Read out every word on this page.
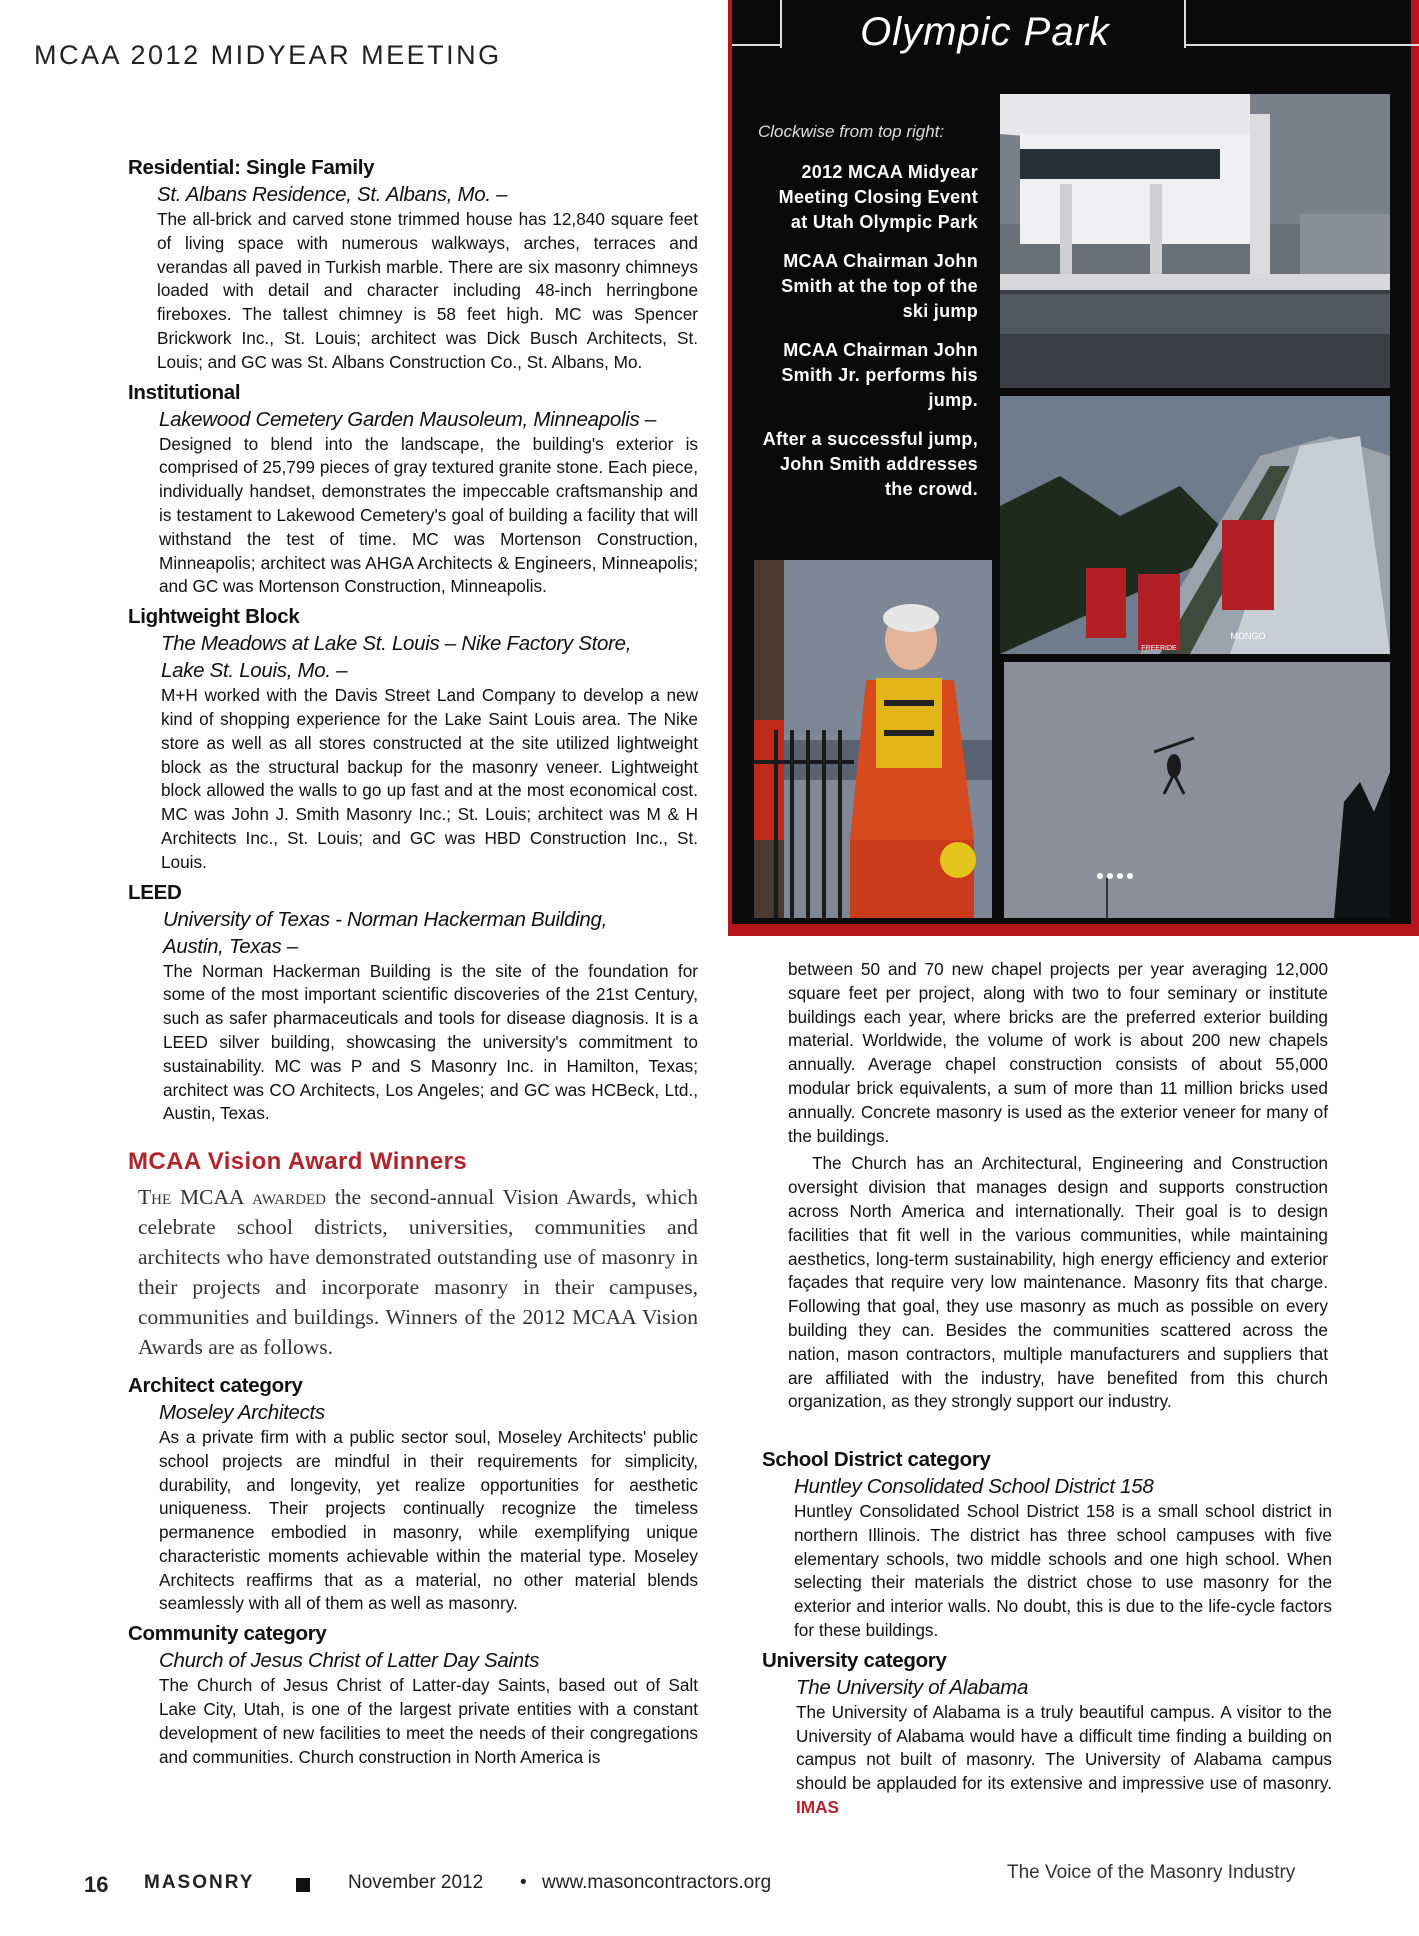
MCAA 2012 MIDYEAR MEETING
Residential: Single Family
St. Albans Residence, St. Albans, Mo. –

The all-brick and carved stone trimmed house has 12,840 square feet of living space with numerous walkways, arches, terraces and verandas all paved in Turkish marble. There are six masonry chimneys loaded with detail and character including 48-inch herringbone fireboxes. The tallest chimney is 58 feet high. MC was Spencer Brickwork Inc., St. Louis; architect was Dick Busch Architects, St. Louis; and GC was St. Albans Construction Co., St. Albans, Mo.

Institutional
Lakewood Cemetery Garden Mausoleum, Minneapolis –

Designed to blend into the landscape, the building's exterior is comprised of 25,799 pieces of gray textured granite stone. Each piece, individually handset, demonstrates the impeccable craftsmanship and is testament to Lakewood Cemetery's goal of building a facility that will withstand the test of time. MC was Mortenson Construction, Minneapolis; architect was AHGA Architects & Engineers, Minneapolis; and GC was Mortenson Construction, Minneapolis.

Lightweight Block
The Meadows at Lake St. Louis – Nike Factory Store,
Lake St. Louis, Mo. –

M+H worked with the Davis Street Land Company to develop a new kind of shopping experience for the Lake Saint Louis area. The Nike store as well as all stores constructed at the site utilized lightweight block as the structural backup for the masonry veneer. Lightweight block allowed the walls to go up fast and at the most economical cost. MC was John J. Smith Masonry Inc.; St. Louis; architect was M & H Architects Inc., St. Louis; and GC was HBD Construction Inc., St. Louis.

LEED
University of Texas - Norman Hackerman Building,
Austin, Texas –

The Norman Hackerman Building is the site of the foundation for some of the most important scientific discoveries of the 21st Century, such as safer pharmaceuticals and tools for disease diagnosis. It is a LEED silver building, showcasing the university's commitment to sustainability. MC was P and S Masonry Inc. in Hamilton, Texas; architect was CO Architects, Los Angeles; and GC was HCBeck, Ltd., Austin, Texas.

MCAA Vision Award Winners
The MCAA awarded the second-annual Vision Awards, which celebrate school districts, universities, communities and architects who have demonstrated outstanding use of masonry in their projects and incorporate masonry in their campuses, communities and buildings. Winners of the 2012 MCAA Vision Awards are as follows.
Architect category
Moseley Architects

As a private firm with a public sector soul, Moseley Architects' public school projects are mindful in their requirements for simplicity, durability, and longevity, yet realize opportunities for aesthetic uniqueness. Their projects continually recognize the timeless permanence embodied in masonry, while exemplifying unique characteristic moments achievable within the material type. Moseley Architects reaffirms that as a material, no other material blends seamlessly with all of them as well as masonry.

Community category
Church of Jesus Christ of Latter Day Saints

The Church of Jesus Christ of Latter-day Saints, based out of Salt Lake City, Utah, is one of the largest private entities with a constant development of new facilities to meet the needs of their congregations and communities. Church construction in North America is

Olympic Park
Clockwise from top right:
2012 MCAA Midyear Meeting Closing Event at Utah Olympic Park
MCAA Chairman John Smith at the top of the ski jump
MCAA Chairman John Smith Jr. performs his jump.
After a successful jump, John Smith addresses the crowd.
MONGO
FREERIDE

between 50 and 70 new chapel projects per year averaging 12,000 square feet per project, along with two to four seminary or institute buildings each year, where bricks are the preferred exterior building material. Worldwide, the volume of work is about 200 new chapels annually. Average chapel construction consists of about 55,000 modular brick equivalents, a sum of more than 11 million bricks used annually. Concrete masonry is used as the exterior veneer for many of the buildings.

The Church has an Architectural, Engineering and Construction oversight division that manages design and supports construction across North America and internationally. Their goal is to design facilities that fit well in the various communities, while maintaining aesthetics, long-term sustainability, high energy efficiency and exterior façades that require very low maintenance. Masonry fits that charge. Following that goal, they use masonry as much as possible on every building they can. Besides the communities scattered across the nation, mason contractors, multiple manufacturers and suppliers that are affiliated with the industry, have benefited from this church organization, as they strongly support our industry.

School District category
Huntley Consolidated School District 158

Huntley Consolidated School District 158 is a small school district in northern Illinois. The district has three school campuses with five elementary schools, two middle schools and one high school. When selecting their materials the district chose to use masonry for the exterior and interior walls. No doubt, this is due to the life-cycle factors for these buildings.

University category
The University of Alabama

The University of Alabama is a truly beautiful campus. A visitor to the University of Alabama would have a difficult time finding a building on campus not built of masonry. The University of Alabama campus should be applauded for its extensive and impressive use of masonry. IMAS

16 MASONRY	November 2012 • www.masoncontractors.org	The Voice of the Masonry Industry
